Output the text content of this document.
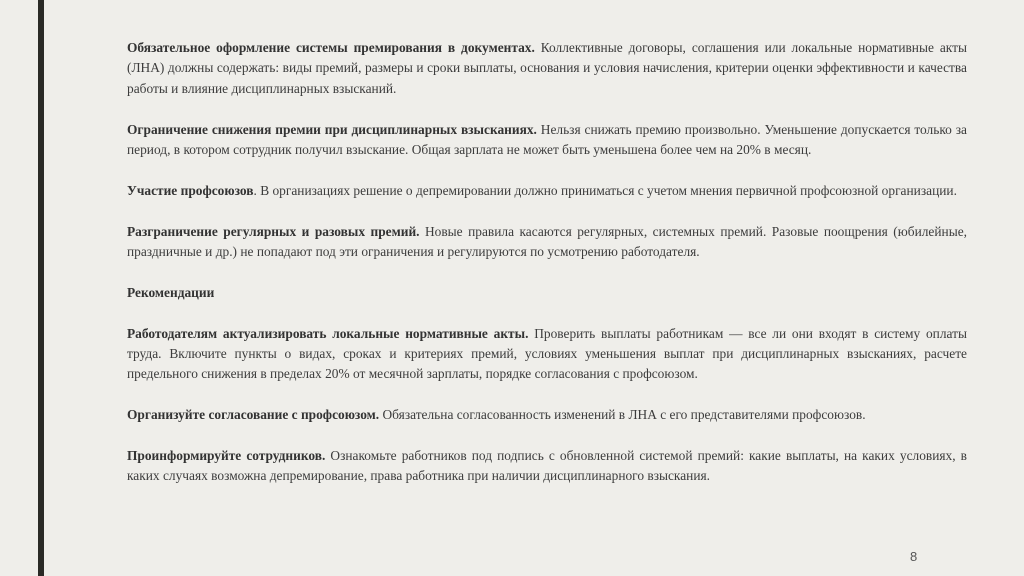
Обязательное оформление системы премирования в документах. Коллективные договоры, соглашения или локальные нормативные акты (ЛНА) должны содержать: виды премий, размеры и сроки выплаты, основания и условия начисления, критерии оценки эффективности и качества работы и влияние дисциплинарных взысканий.

Ограничение снижения премии при дисциплинарных взысканиях. Нельзя снижать премию произвольно. Уменьшение допускается только за период, в котором сотрудник получил взыскание. Общая зарплата не может быть уменьшена более чем на 20% в месяц.

Участие профсоюзов. В организациях решение о депремировании должно приниматься с учетом мнения первичной профсоюзной организации.

Разграничение регулярных и разовых премий. Новые правила касаются регулярных, системных премий. Разовые поощрения (юбилейные, праздничные и др.) не попадают под эти ограничения и регулируются по усмотрению работодателя.

Рекомендации

Работодателям актуализировать локальные нормативные акты. Проверить выплаты работникам — все ли они входят в систему оплаты труда. Включите пункты о видах, сроках и критериях премий, условиях уменьшения выплат при дисциплинарных взысканиях, расчете предельного снижения в пределах 20% от месячной зарплаты, порядке согласования с профсоюзом.

Организуйте согласование с профсоюзом. Обязательна согласованность изменений в ЛНА с его представителями профсоюзов.

Проинформируйте сотрудников. Ознакомьте работников под подпись с обновленной системой премий: какие выплаты, на каких условиях, в каких случаях возможна депремирование, права работника при наличии дисциплинарного взыскания.

8
